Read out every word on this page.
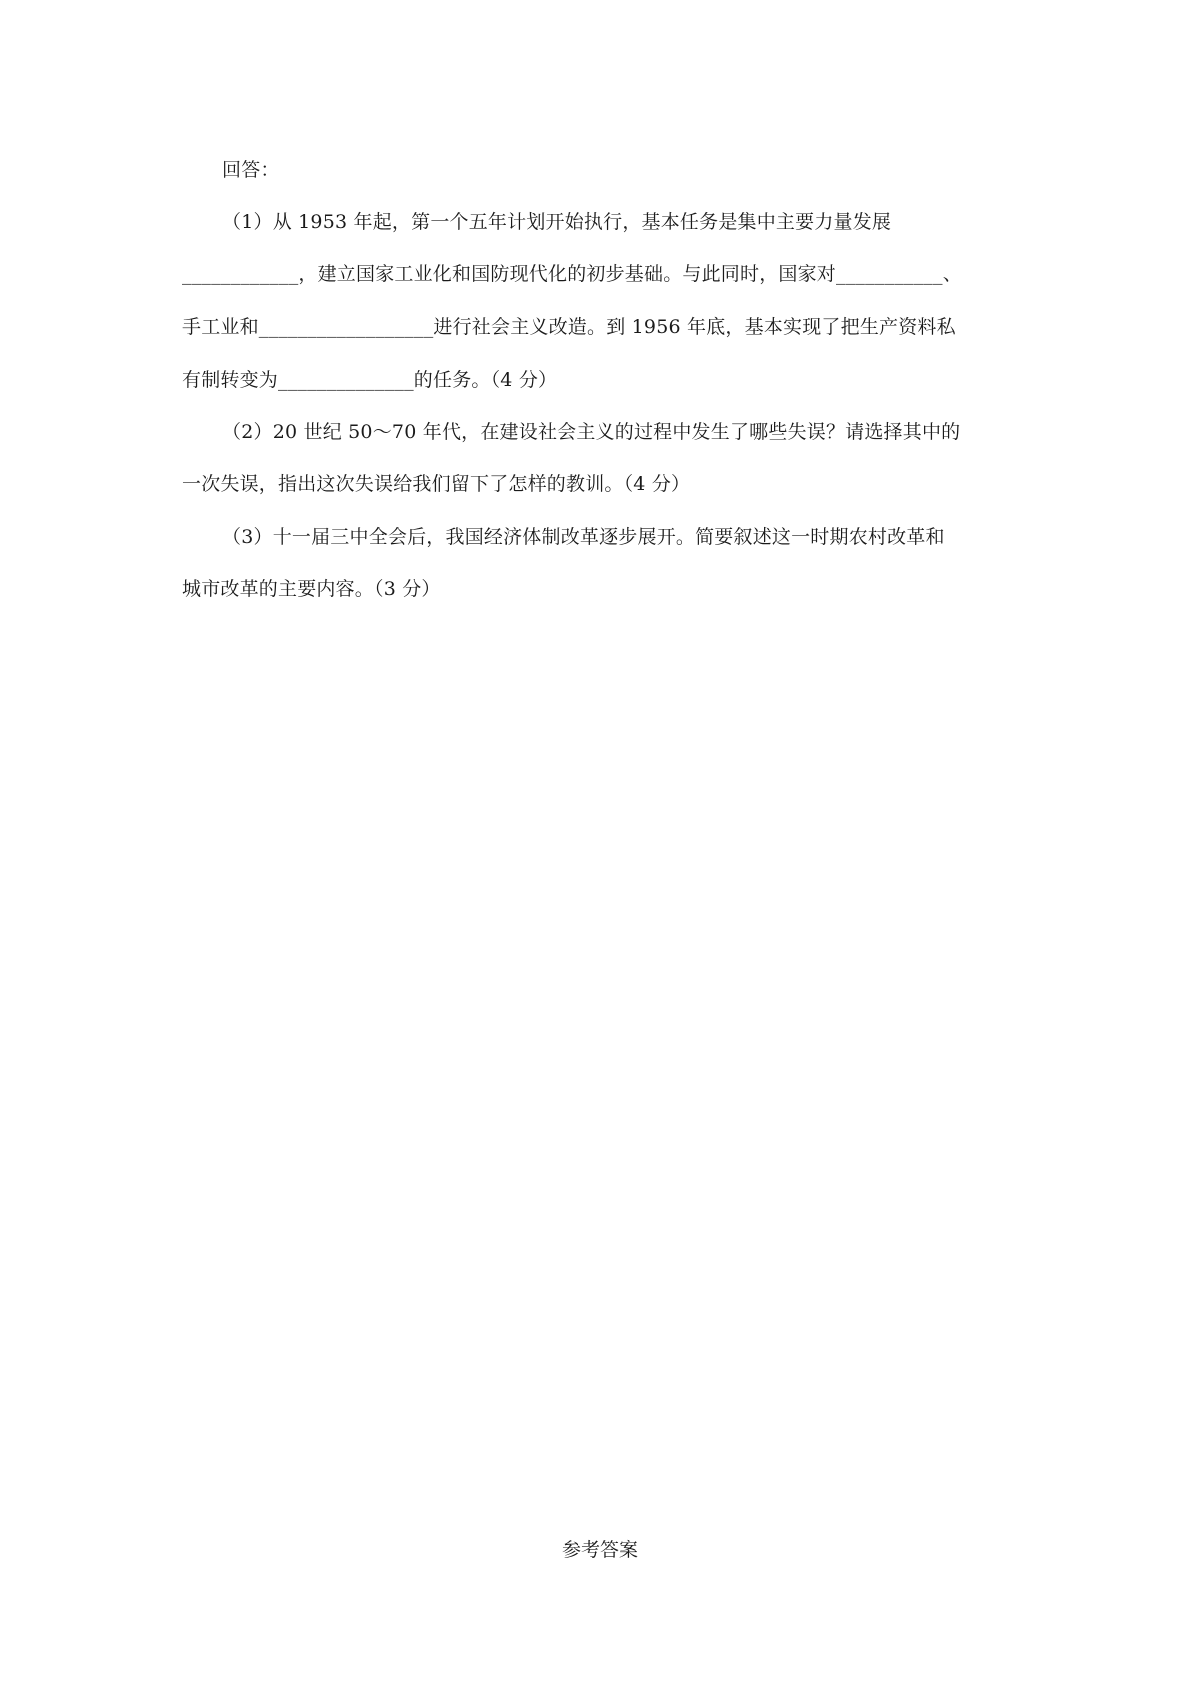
回答：
（1）从 1953 年起，第一个五年计划开始执行，基本任务是集中主要力量发展
____________，建立国家工业化和国防现代化的初步基础。与此同时，国家对___________、
手工业和__________________进行社会主义改造。到 1956 年底，基本实现了把生产资料私
有制转变为______________的任务。（4 分）
（2）20 世纪 50～70 年代，在建设社会主义的过程中发生了哪些失误？请选择其中的
一次失误，指出这次失误给我们留下了怎样的教训。（4 分）
（3）十一届三中全会后，我国经济体制改革逐步展开。简要叙述这一时期农村改革和
城市改革的主要内容。（3 分）
参考答案
